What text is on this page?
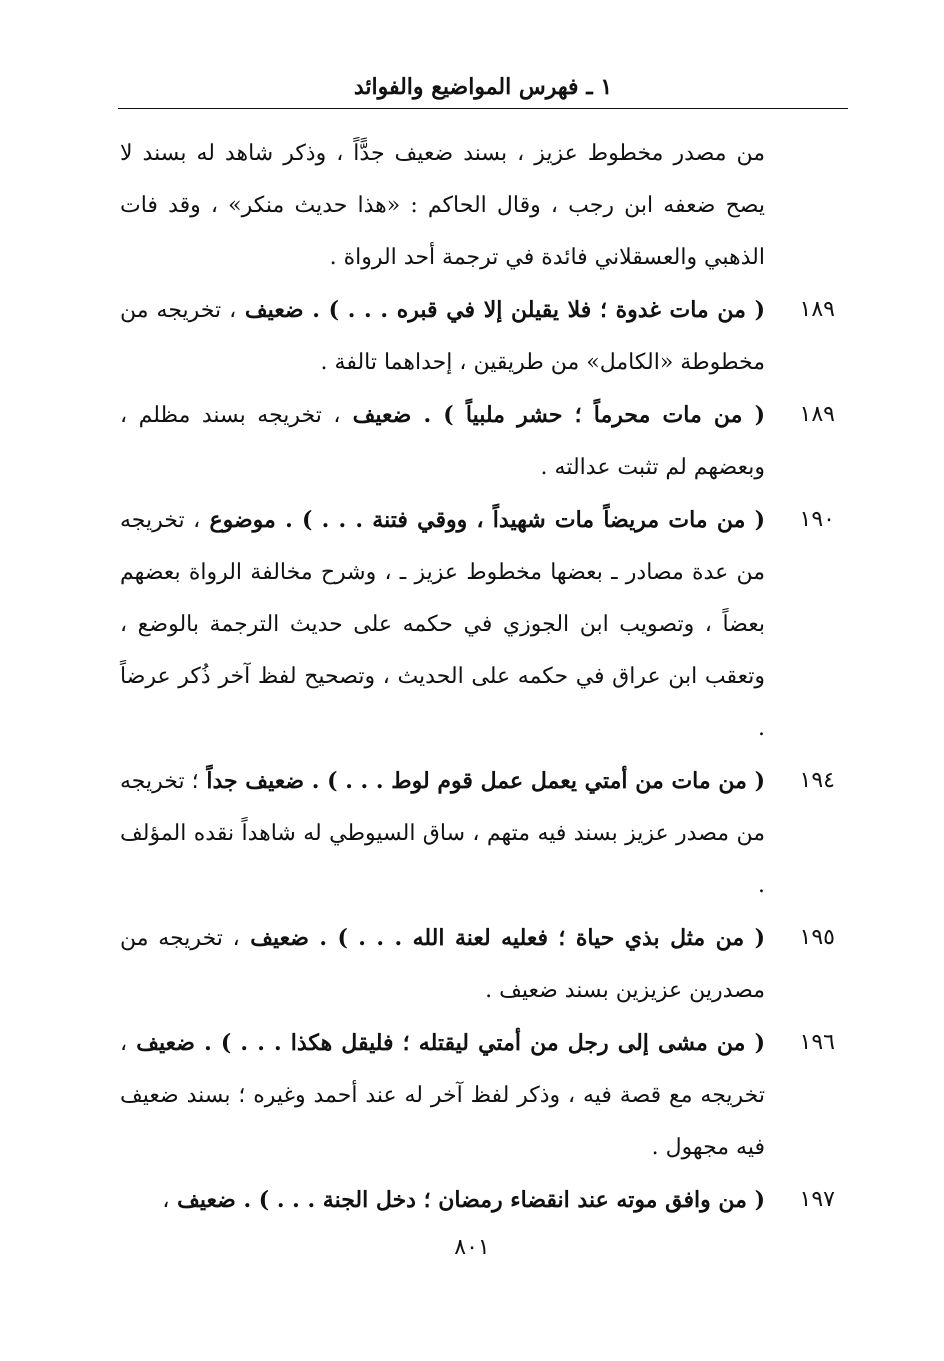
١ ـ فهرس المواضيع والفوائد
من مصدر مخطوط عزيز ، بسند ضعيف جدًّاً ، وذكر شاهد له بسند لا يصح ضعفه ابن رجب ، وقال الحاكم : «هذا حديث منكر» ، وقد فات الذهبي والعسقلاني فائدة في ترجمة أحد الرواة .
١٨٩
( من مات غدوة ؛ فلا يقيلن إلا في قبره . . . ) . ضعيف ، تخريجه من مخطوطة «الكامل» من طريقين ، إحداهما تالفة .
١٨٩
( من مات محرماً ؛ حشر ملبياً ) . ضعيف ، تخريجه بسند مظلم ، وبعضهم لم تثبت عدالته .
١٩٠
( من مات مريضاً مات شهيداً ، ووقي فتنة . . . ) . موضوع ، تخريجه من عدة مصادر ـ بعضها مخطوط عزيز ـ ، وشرح مخالفة الرواة بعضهم بعضاً ، وتصويب ابن الجوزي في حكمه على حديث الترجمة بالوضع ، وتعقب ابن عراق في حكمه على الحديث ، وتصحيح لفظ آخر ذُكر عرضاً .
١٩٤
( من مات من أمتي يعمل عمل قوم لوط . . . ) . ضعيف جداً ؛ تخريجه من مصدر عزيز بسند فيه متهم ، ساق السيوطي له شاهداً نقده المؤلف .
١٩٥
( من مثل بذي حياة ؛ فعليه لعنة الله . . . ) . ضعيف ، تخريجه من مصدرين عزيزين بسند ضعيف .
١٩٦
( من مشى إلى رجل من أمتي ليقتله ؛ فليقل هكذا . . . ) . ضعيف ، تخريجه مع قصة فيه ، وذكر لفظ آخر له عند أحمد وغيره ؛ بسند ضعيف فيه مجهول .
١٩٧
( من وافق موته عند انقضاء رمضان ؛ دخل الجنة . . . ) . ضعيف ،
٨٠١
